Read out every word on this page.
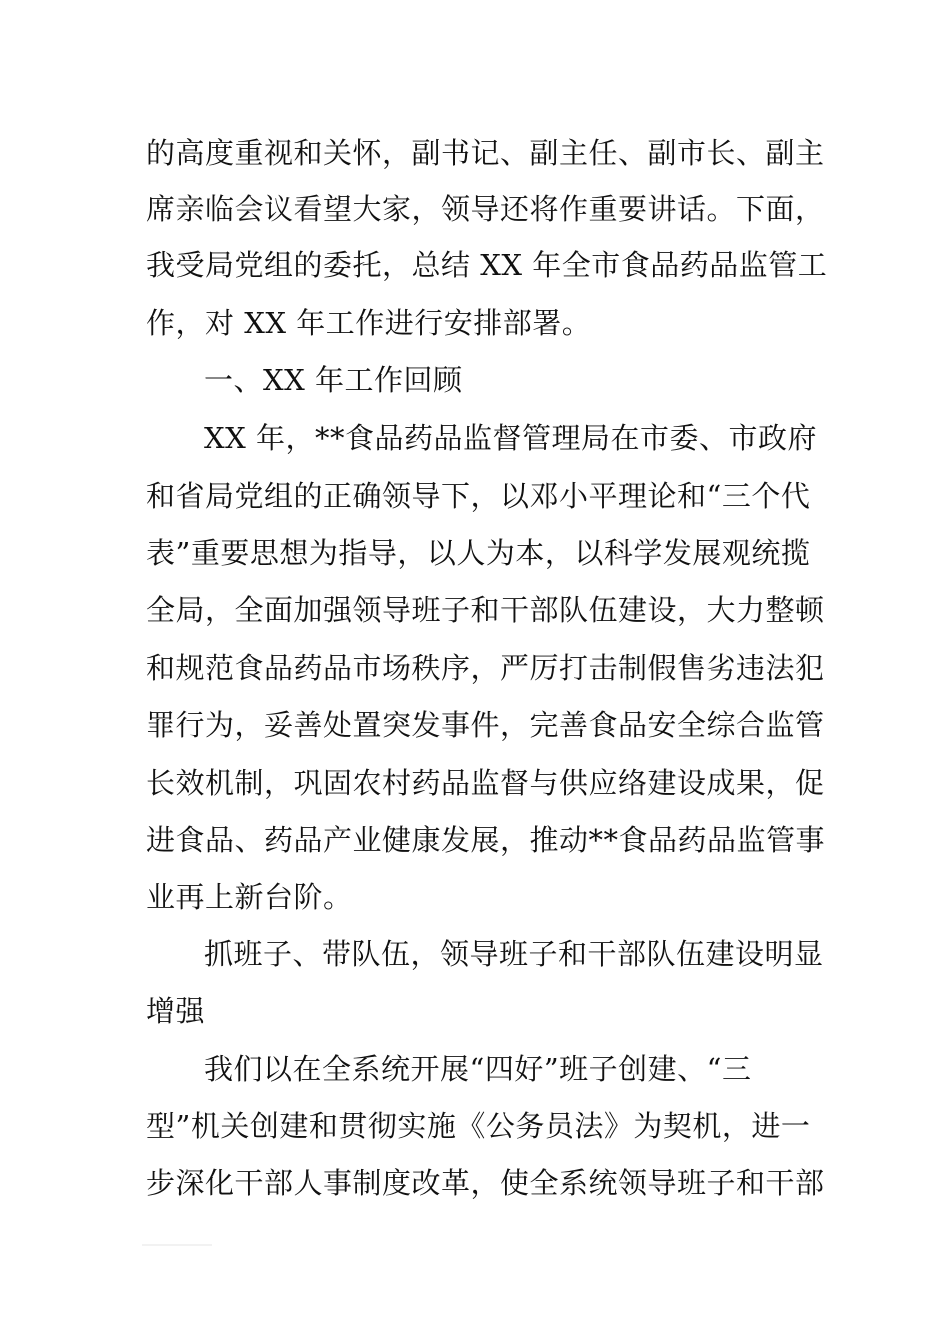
的高度重视和关怀，副书记、副主任、副市长、副主
席亲临会议看望大家，领导还将作重要讲话。下面，
我受局党组的委托，总结 XX 年全市食品药品监管工
作，对 XX 年工作进行安排部署。
一、XX 年工作回顾
XX 年，**食品药品监督管理局在市委、市政府
和省局党组的正确领导下，以邓小平理论和“三个代
表”重要思想为指导，以人为本，以科学发展观统揽
全局，全面加强领导班子和干部队伍建设，大力整顿
和规范食品药品市场秩序，严厉打击制假售劣违法犯
罪行为，妥善处置突发事件，完善食品安全综合监管
长效机制，巩固农村药品监督与供应络建设成果，促
进食品、药品产业健康发展，推动**食品药品监管事
业再上新台阶。
抓班子、带队伍，领导班子和干部队伍建设明显
增强
我们以在全系统开展“四好”班子创建、“三
型”机关创建和贯彻实施《公务员法》为契机，进一
步深化干部人事制度改革，使全系统领导班子和干部
